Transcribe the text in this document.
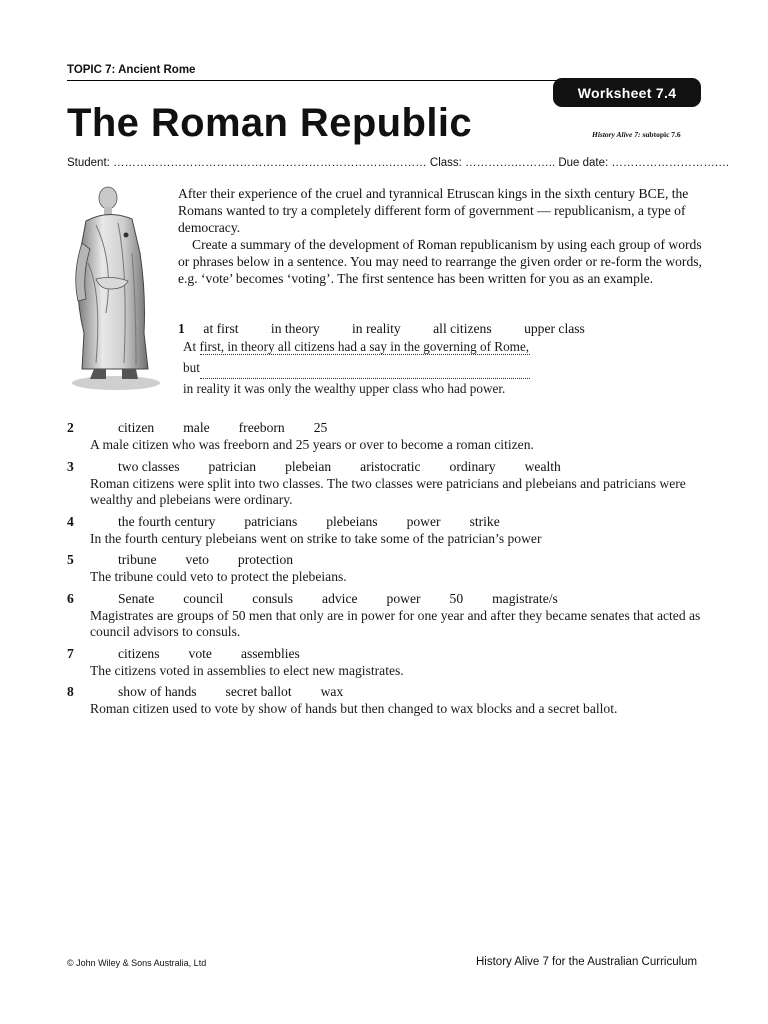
TOPIC 7: Ancient Rome
Worksheet 7.4
The Roman Republic	History Alive 7: subtopic 7.6
Student: ……………………………………………………………….……… Class: ………….……….. Due date: ……………………….…

After their experience of the cruel and tyrannical Etruscan kings in the sixth century BCE, the Romans wanted to try a completely different form of government — republicanism, a type of democracy.

Create a summary of the development of Roman republicanism by using each group of words or phrases below in a sentence. You may need to rearrange the given order or re-form the words, e.g. ‘vote’ becomes ‘voting’. The first sentence has been written for you as an example.

1 at first in theory in reality all citizens upper class
At first, in theory all citizens had a say in the governing of Rome, but
in reality it was only the wealthy upper class who had power.
2	citizen male freeborn 25
A male citizen who was freeborn and 25 years or over to become a roman citizen.
3	two classes patrician plebeian aristocratic ordinary wealth
Roman citizens were split into two classes. The two classes were patricians and plebeians and patricians were wealthy and plebeians were ordinary.
4	the fourth century patricians plebeians power strike
In the fourth century plebeians went on strike to take some of the patrician’s power
5	tribune veto protection
The tribune could veto to protect the plebeians.
6	Senate council consuls advice power 50 magistrate/s
Magistrates are groups of 50 men that only are in power for one year and after they became senates that acted as council advisors to consuls.
7	citizens vote assemblies
The citizens voted in assemblies to elect new magistrates.
8	show of hands secret ballot wax
Roman citizen used to vote by show of hands but then changed to wax blocks and a secret ballot.
© John Wiley & Sons Australia, Ltd	History Alive 7 for the Australian Curriculum
